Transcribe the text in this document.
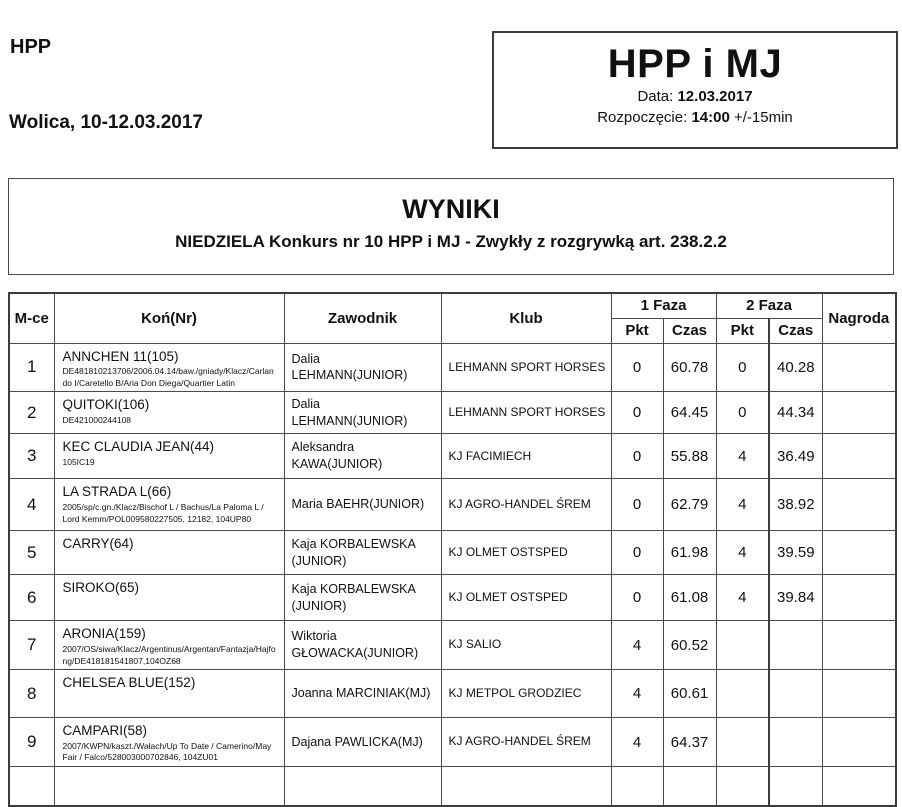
HPP
Wolica, 10-12.03.2017
HPP i MJ
Data: 12.03.2017
Rozpoczęcie: 14:00 +/-15min
WYNIKI
NIEDZIELA Konkurs nr 10 HPP i MJ - Zwykły z rozgrywką art. 238.2.2
M-ce	Koń(Nr)	Zawodnik	Klub	1 Faza		2 Faza		Nagroda
				Pkt	Czas	Pkt	Czas	
1	ANNCHEN 11(105)
DE481810213706/2006.04.14/baw./gniady/Klacz/Carlando I/Caretello B/Aria Don Diega/Quartier Latin	Dalia LEHMANN(JUNIOR)	LEHMANN SPORT HORSES	0	60.78	0	40.28	
2	QUITOKI(106)
DE421000244108	Dalia LEHMANN(JUNIOR)	LEHMANN SPORT HORSES	0	64.45	0	44.34	
3	KEC CLAUDIA JEAN(44)
105IC19	Aleksandra KAWA(JUNIOR)	KJ FACIMIECH	0	55.88	4	36.49	
4	LA STRADA L(66)
2005/sp/c.gn./Klacz/Bischof L / Bachus/La Paloma L / Lord Kemm/POL009580227505, 12182, 104UP80	Maria BAEHR(JUNIOR)	KJ AGRO-HANDEL ŚREM	0	62.79	4	38.92	
5	CARRY(64)	Kaja KORBALEWSKA (JUNIOR)	KJ OLMET OSTSPED	0	61.98	4	39.59	
6	SIROKO(65)	Kaja KORBALEWSKA (JUNIOR)	KJ OLMET OSTSPED	0	61.08	4	39.84	
7	ARONIA(159)
2007/OS/siwa/Klacz/Argentinus/Argentan/Fantazja/Hajfong/DE418181541807,104OZ68	Wiktoria GŁOWACKA(JUNIOR)	KJ SALIO	4	60.52			
8	CHELSEA BLUE(152)	Joanna MARCINIAK(MJ)	KJ METPOL GRODZIEC	4	60.61			
9	CAMPARI(58)
2007/KWPN/kaszt./Wałach/Up To Date / Camerino/May Fair / Falco/528003000702846, 104ZU01	Dajana PAWLICKA(MJ)	KJ AGRO-HANDEL ŚREM	4	64.37			
